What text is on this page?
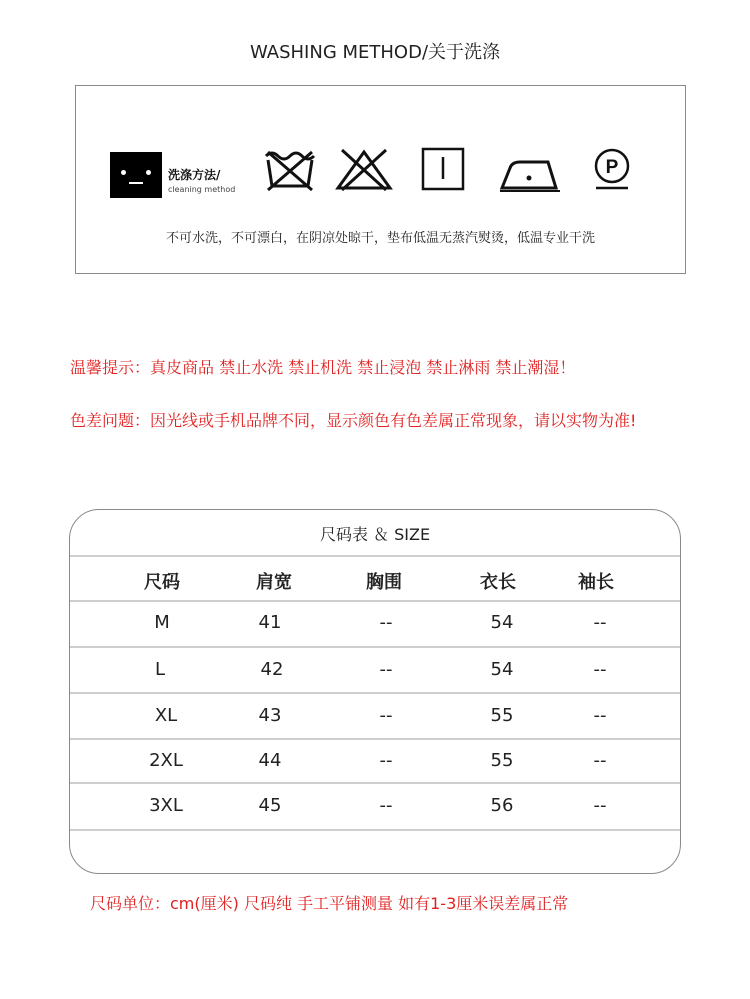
WASHING METHOD/关于洗涤
洗涤方法/
cleaning method
P
不可水洗，不可漂白，在阴凉处晾干，垫布低温无蒸汽熨烫，低温专业干洗
温馨提示：真皮商品 禁止水洗 禁止机洗 禁止浸泡 禁止淋雨 禁止潮湿！
色差问题：因光线或手机品牌不同，显示颜色有色差属正常现象，请以实物为准!
尺码表 ＆ SIZE
尺码	肩宽	胸围	衣长	袖长
M	41	--	54	--
L	42	--	54	--
XL	43	--	55	--
2XL	44	--	55	--
3XL	45	--	56	--
尺码单位：cm(厘米) 尺码纯 手工平铺测量 如有1-3厘米误差属正常
